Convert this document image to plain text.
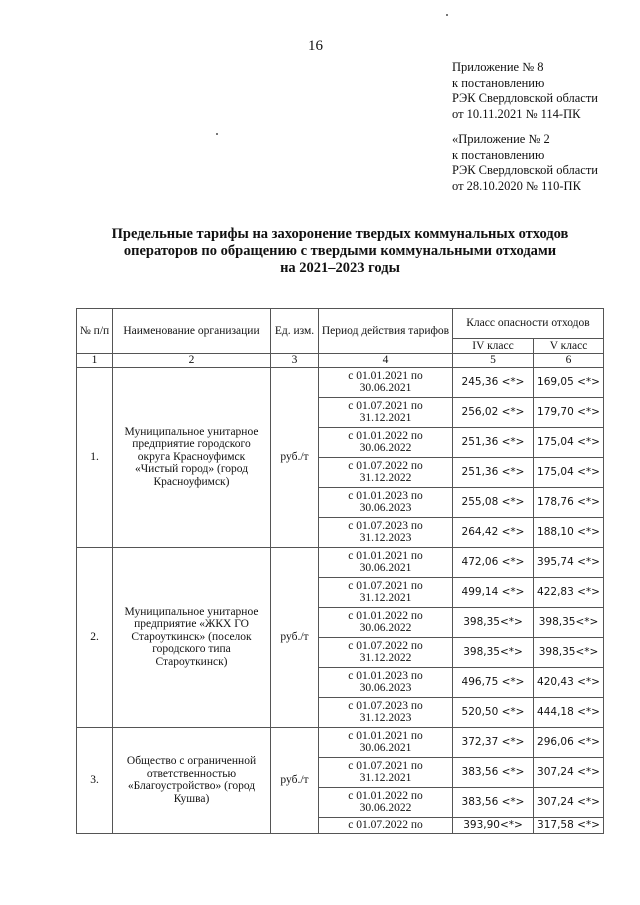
16
Приложение № 8
к постановлению
РЭК Свердловской области
от 10.11.2021 № 114-ПК
«Приложение № 2
к постановлению
РЭК Свердловской области
от 28.10.2020 № 110-ПК
Предельные тарифы на захоронение твердых коммунальных отходов
операторов по обращению с твердыми коммунальными отходами
на 2021–2023 годы
№ п/п	Наименование организации	Ед. изм.	Период действия тарифов	Класс опасности отходов	
				IV класс	V класс
1	2	3	4	5	6
1.	Муниципальное унитарное предприятие городского округа Красноуфимск «Чистый город» (город Красноуфимск)	руб./т	с 01.01.2021 по 30.06.2021	245,36 <*>	169,05 <*>
			с 01.07.2021 по 31.12.2021	256,02 <*>	179,70 <*>
			с 01.01.2022 по 30.06.2022	251,36 <*>	175,04 <*>
			с 01.07.2022 по 31.12.2022	251,36 <*>	175,04 <*>
			с 01.01.2023 по 30.06.2023	255,08 <*>	178,76 <*>
			с 01.07.2023 по 31.12.2023	264,42 <*>	188,10 <*>
2.	Муниципальное унитарное предприятие «ЖКХ ГО Староуткинск» (поселок городского типа Староуткинск)	руб./т	с 01.01.2021 по 30.06.2021	472,06 <*>	395,74 <*>
			с 01.07.2021 по 31.12.2021	499,14 <*>	422,83 <*>
			с 01.01.2022 по 30.06.2022	398,35<*>	398,35<*>
			с 01.07.2022 по 31.12.2022	398,35<*>	398,35<*>
			с 01.01.2023 по 30.06.2023	496,75 <*>	420,43 <*>
			с 01.07.2023 по 31.12.2023	520,50 <*>	444,18 <*>
3.	Общество с ограниченной ответственностью «Благоустройство» (город Кушва)	руб./т	с 01.01.2021 по 30.06.2021	372,37 <*>	296,06 <*>
			с 01.07.2021 по 31.12.2021	383,56 <*>	307,24 <*>
			с 01.01.2022 по 30.06.2022	383,56 <*>	307,24 <*>
			с 01.07.2022 по	393,90<*>	317,58 <*>
